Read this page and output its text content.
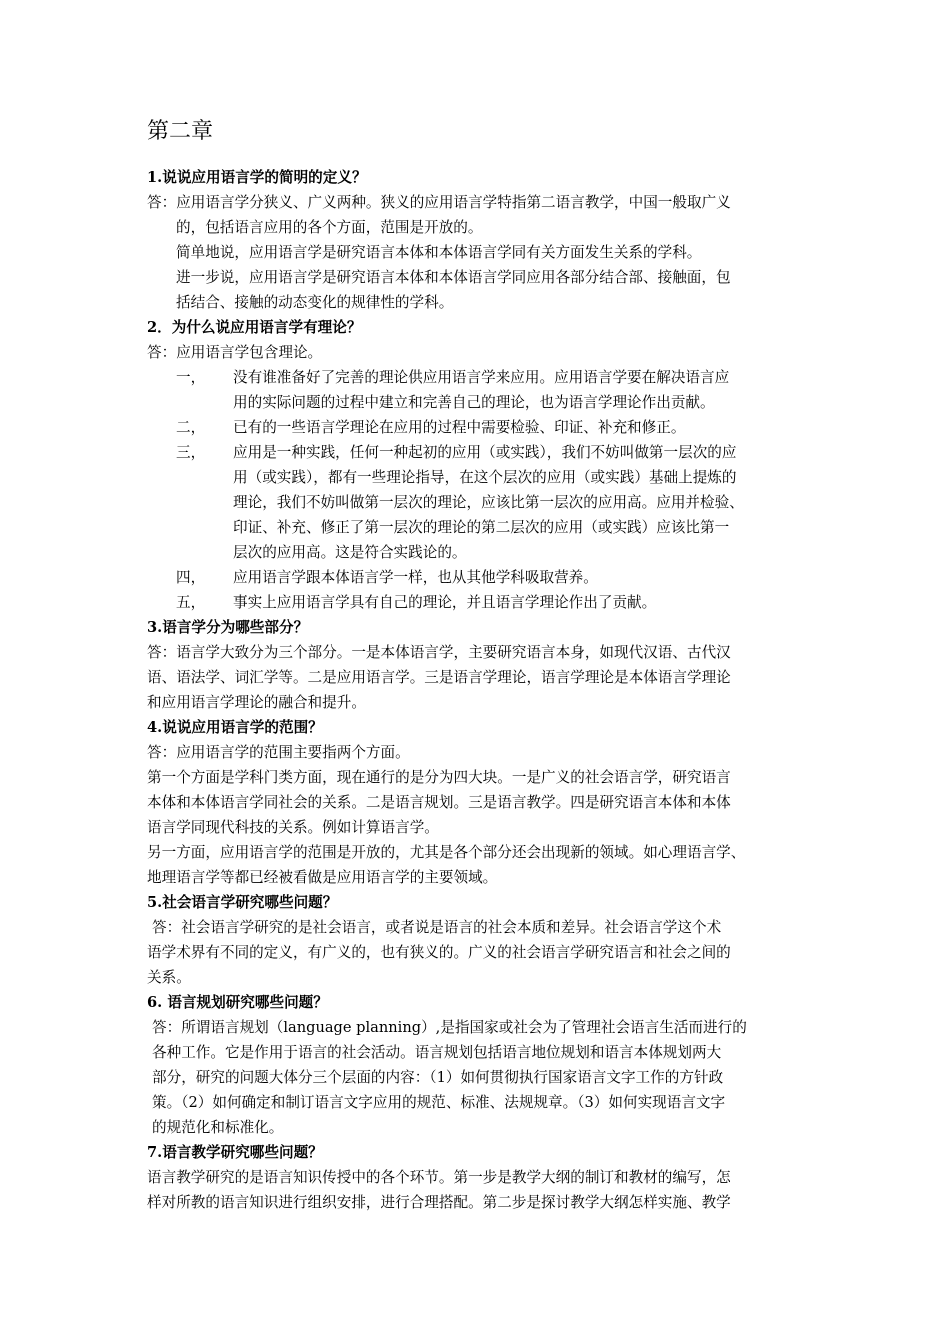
第二章
1.说说应用语言学的简明的定义？
答：应用语言学分狭义、广义两种。狭义的应用语言学特指第二语言教学，中国一般取广义
的，包括语言应用的各个方面，范围是开放的。
简单地说，应用语言学是研究语言本体和本体语言学同有关方面发生关系的学科。
进一步说，应用语言学是研究语言本体和本体语言学同应用各部分结合部、接触面，包
括结合、接触的动态变化的规律性的学科。
2．为什么说应用语言学有理论？
答：应用语言学包含理论。
一， 没有谁准备好了完善的理论供应用语言学来应用。应用语言学要在解决语言应
用的实际问题的过程中建立和完善自己的理论，也为语言学理论作出贡献。
二， 已有的一些语言学理论在应用的过程中需要检验、印证、补充和修正。
三， 应用是一种实践，任何一种起初的应用（或实践），我们不妨叫做第一层次的应
用（或实践），都有一些理论指导，在这个层次的应用（或实践）基础上提炼的
理论，我们不妨叫做第一层次的理论，应该比第一层次的应用高。应用并检验、
印证、补充、修正了第一层次的理论的第二层次的应用（或实践）应该比第一
层次的应用高。这是符合实践论的。
四， 应用语言学跟本体语言学一样，也从其他学科吸取营养。
五， 事实上应用语言学具有自己的理论，并且语言学理论作出了贡献。
3.语言学分为哪些部分？
答：语言学大致分为三个部分。一是本体语言学，主要研究语言本身，如现代汉语、古代汉
语、语法学、词汇学等。二是应用语言学。三是语言学理论，语言学理论是本体语言学理论
和应用语言学理论的融合和提升。
4.说说应用语言学的范围？
答：应用语言学的范围主要指两个方面。
第一个方面是学科门类方面，现在通行的是分为四大块。一是广义的社会语言学，研究语言
本体和本体语言学同社会的关系。二是语言规划。三是语言教学。四是研究语言本体和本体
语言学同现代科技的关系。例如计算语言学。
另一方面，应用语言学的范围是开放的，尤其是各个部分还会出现新的领域。如心理语言学、
地理语言学等都已经被看做是应用语言学的主要领域。
5.社会语言学研究哪些问题？
答：社会语言学研究的是社会语言，或者说是语言的社会本质和差异。社会语言学这个术
语学术界有不同的定义，有广义的，也有狭义的。广义的社会语言学研究语言和社会之间的
关系。
6. 语言规划研究哪些问题？
答：所谓语言规划（language planning）,是指国家或社会为了管理社会语言生活而进行的
各种工作。它是作用于语言的社会活动。语言规划包括语言地位规划和语言本体规划两大
部分，研究的问题大体分三个层面的内容：（1）如何贯彻执行国家语言文字工作的方针政
策。（2）如何确定和制订语言文字应用的规范、标准、法规规章。（3）如何实现语言文字
的规范化和标准化。
7.语言教学研究哪些问题？
语言教学研究的是语言知识传授中的各个环节。第一步是教学大纲的制订和教材的编写，怎
样对所教的语言知识进行组织安排，进行合理搭配。第二步是探讨教学大纲怎样实施、教学
